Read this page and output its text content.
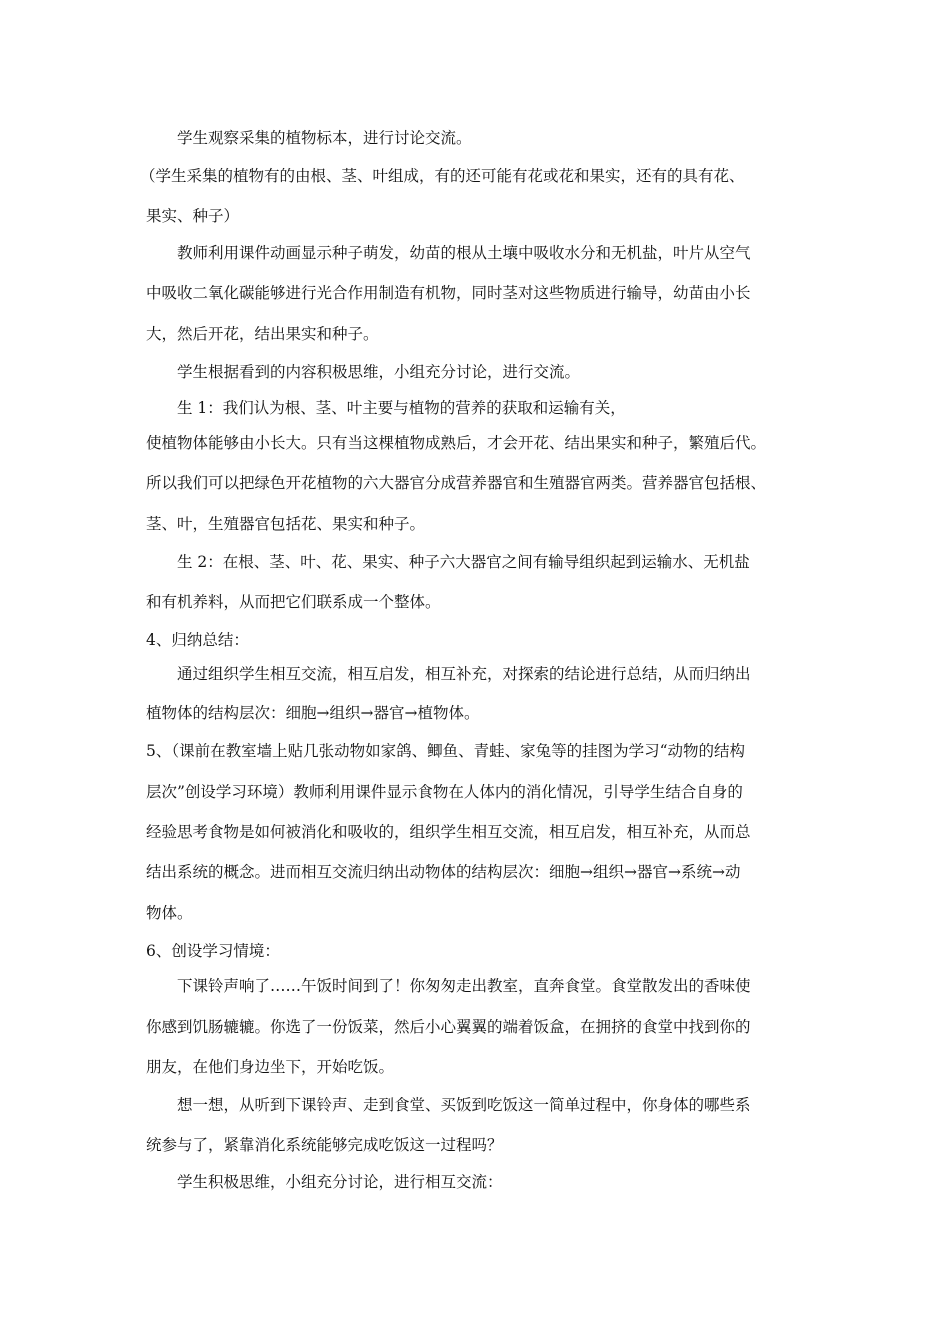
学生观察采集的植物标本，进行讨论交流。
（学生采集的植物有的由根、茎、叶组成，有的还可能有花或花和果实，还有的具有花、
果实、种子）
教师利用课件动画显示种子萌发，幼苗的根从土壤中吸收水分和无机盐，叶片从空气
中吸收二氧化碳能够进行光合作用制造有机物，同时茎对这些物质进行输导，幼苗由小长
大，然后开花，结出果实和种子。
学生根据看到的内容积极思维，小组充分讨论，进行交流。
生 1：我们认为根、茎、叶主要与植物的营养的获取和运输有关，
使植物体能够由小长大。只有当这棵植物成熟后，才会开花、结出果实和种子，繁殖后代。
所以我们可以把绿色开花植物的六大器官分成营养器官和生殖器官两类。营养器官包括根、
茎、叶，生殖器官包括花、果实和种子。
生 2：在根、茎、叶、花、果实、种子六大器官之间有输导组织起到运输水、无机盐
和有机养料，从而把它们联系成一个整体。
4、归纳总结：
通过组织学生相互交流，相互启发，相互补充，对探索的结论进行总结，从而归纳出
植物体的结构层次：细胞→组织→器官→植物体。
5、（课前在教室墙上贴几张动物如家鸽、鲫鱼、青蛙、家兔等的挂图为学习“动物的结构
层次”创设学习环境）教师利用课件显示食物在人体内的消化情况，引导学生结合自身的
经验思考食物是如何被消化和吸收的，组织学生相互交流，相互启发，相互补充，从而总
结出系统的概念。进而相互交流归纳出动物体的结构层次：细胞→组织→器官→系统→动
物体。
6、创设学习情境：
下课铃声响了……午饭时间到了！你匆匆走出教室，直奔食堂。食堂散发出的香味使
你感到饥肠辘辘。你选了一份饭菜，然后小心翼翼的端着饭盒，在拥挤的食堂中找到你的
朋友，在他们身边坐下，开始吃饭。
想一想，从听到下课铃声、走到食堂、买饭到吃饭这一简单过程中，你身体的哪些系
统参与了，紧靠消化系统能够完成吃饭这一过程吗？
学生积极思维，小组充分讨论，进行相互交流：
